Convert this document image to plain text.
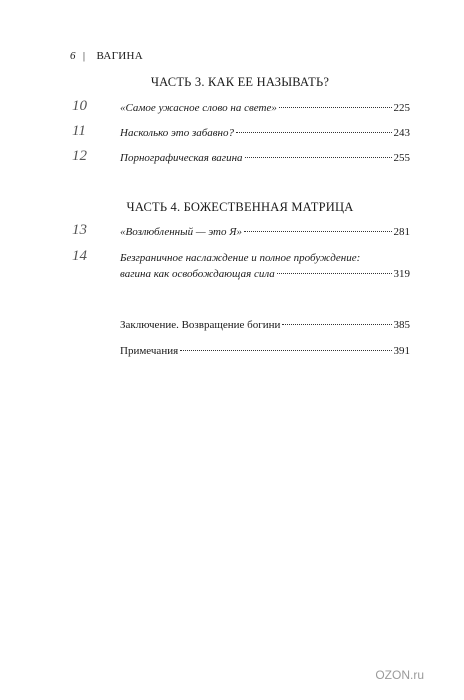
6 | ВАГИНА
ЧАСТЬ 3. КАК ЕЕ НАЗЫВАТЬ?
10	«Самое ужасное слово на свете»	225
11	Насколько это забавно?	243
12	Порнографическая вагина	255
ЧАСТЬ 4. БОЖЕСТВЕННАЯ МАТРИЦА
13	«Возлюбленный — это Я»	281
14	Безграничное наслаждение и полное пробуждение:
вагина как освобождающая сила	319
Заключение. Возвращение богини	385
Примечания	391
OZON.ru
